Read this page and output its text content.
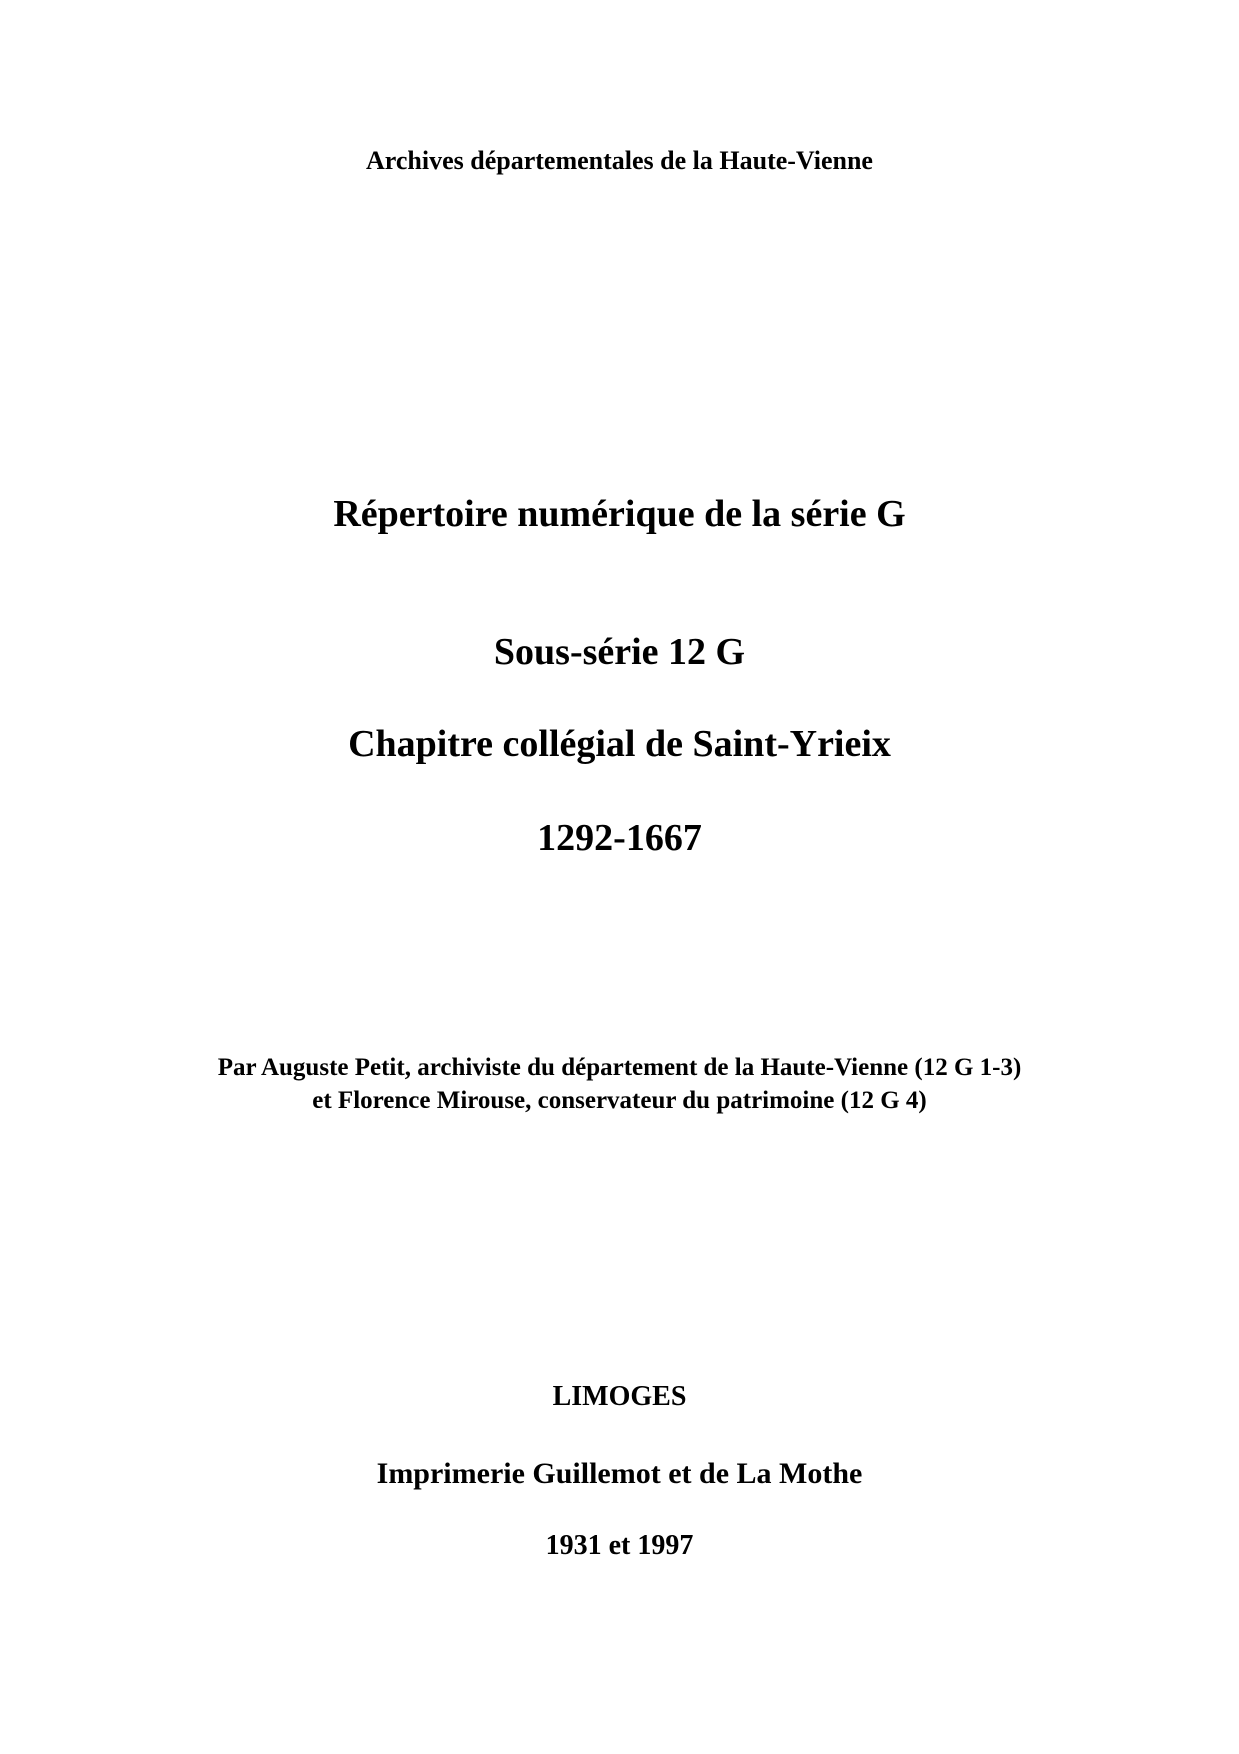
Archives départementales de la Haute-Vienne
Répertoire numérique de la série G
Sous-série 12 G
Chapitre collégial de Saint-Yrieix
1292-1667
Par Auguste Petit, archiviste du département de la Haute-Vienne (12 G 1-3)
et Florence Mirouse, conservateur du patrimoine (12 G 4)
LIMOGES
Imprimerie Guillemot et de La Mothe
1931 et 1997
